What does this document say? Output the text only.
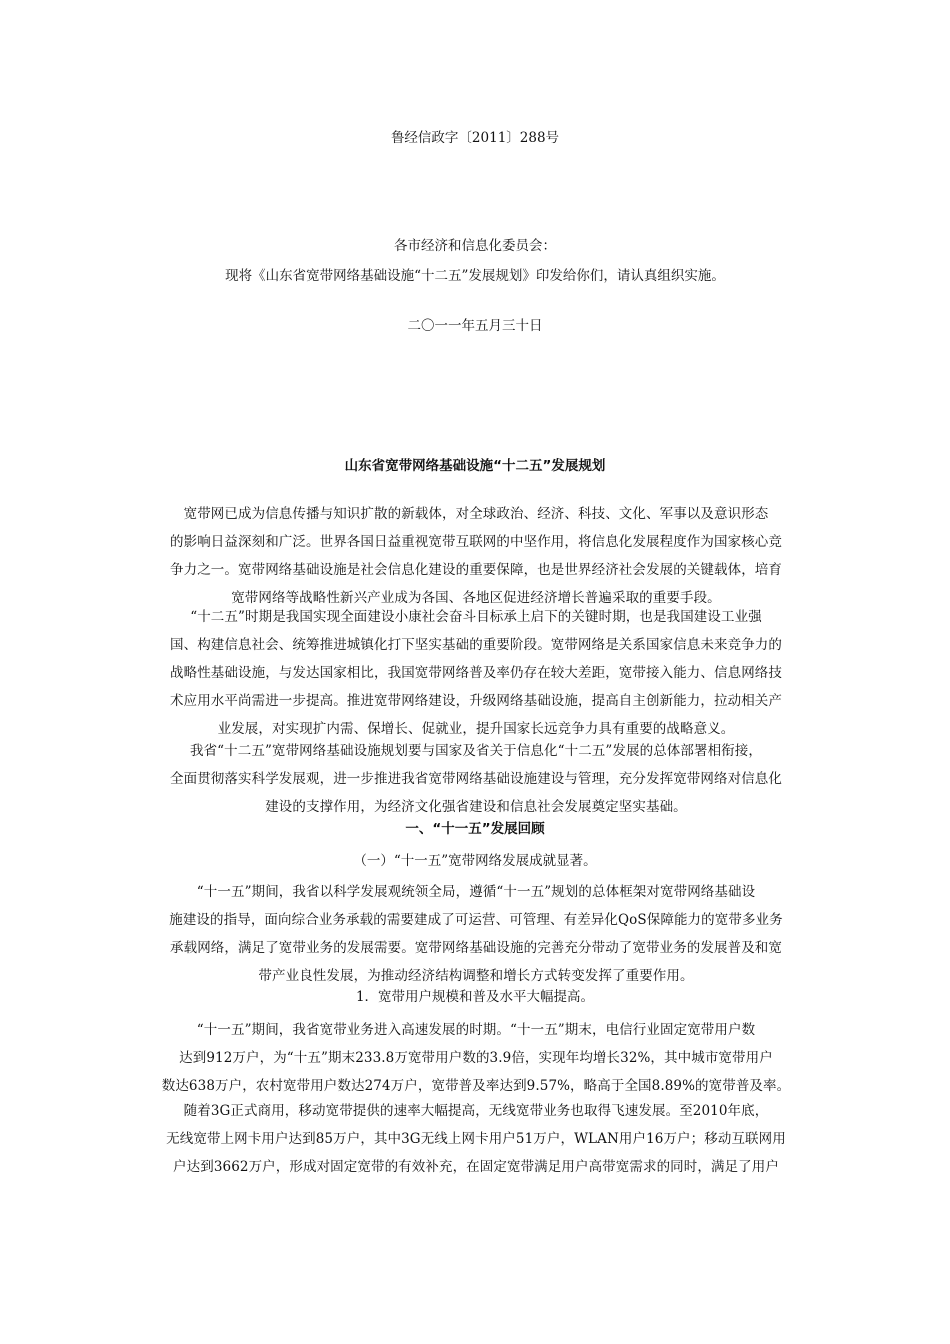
鲁经信政字〔2011〕288号
各市经济和信息化委员会：
现将《山东省宽带网络基础设施“十二五”发展规划》印发给你们，请认真组织实施。
二〇一一年五月三十日
山东省宽带网络基础设施“十二五”发展规划
宽带网已成为信息传播与知识扩散的新载体，对全球政治、经济、科技、文化、军事以及意识形态
的影响日益深刻和广泛。世界各国日益重视宽带互联网的中坚作用，将信息化发展程度作为国家核心竞
争力之一。宽带网络基础设施是社会信息化建设的重要保障，也是世界经济社会发展的关键载体，培育
宽带网络等战略性新兴产业成为各国、各地区促进经济增长普遍采取的重要手段。
“十二五”时期是我国实现全面建设小康社会奋斗目标承上启下的关键时期，也是我国建设工业强
国、构建信息社会、统筹推进城镇化打下坚实基础的重要阶段。宽带网络是关系国家信息未来竞争力的
战略性基础设施，与发达国家相比，我国宽带网络普及率仍存在较大差距，宽带接入能力、信息网络技
术应用水平尚需进一步提高。推进宽带网络建设，升级网络基础设施，提高自主创新能力，拉动相关产
业发展，对实现扩内需、保增长、促就业，提升国家长远竞争力具有重要的战略意义。
我省“十二五”宽带网络基础设施规划要与国家及省关于信息化“十二五”发展的总体部署相衔接，
全面贯彻落实科学发展观，进一步推进我省宽带网络基础设施建设与管理，充分发挥宽带网络对信息化
建设的支撑作用，为经济文化强省建设和信息社会发展奠定坚实基础。
一、“十一五”发展回顾
（一）“十一五”宽带网络发展成就显著。
“十一五”期间，我省以科学发展观统领全局，遵循“十一五”规划的总体框架对宽带网络基础设
施建设的指导，面向综合业务承载的需要建成了可运营、可管理、有差异化QoS保障能力的宽带多业务
承载网络，满足了宽带业务的发展需要。宽带网络基础设施的完善充分带动了宽带业务的发展普及和宽
带产业良性发展，为推动经济结构调整和增长方式转变发挥了重要作用。
1．宽带用户规模和普及水平大幅提高。
“十一五”期间，我省宽带业务进入高速发展的时期。“十一五”期末，电信行业固定宽带用户数
达到912万户，为“十五”期末233.8万宽带用户数的3.9倍，实现年均增长32%，其中城市宽带用户
数达638万户，农村宽带用户数达274万户，宽带普及率达到9.57%，略高于全国8.89%的宽带普及率。
随着3G正式商用，移动宽带提供的速率大幅提高，无线宽带业务也取得飞速发展。至2010年底，
无线宽带上网卡用户达到85万户，其中3G无线上网卡用户51万户，WLAN用户16万户；移动互联网用
户达到3662万户，形成对固定宽带的有效补充，在固定宽带满足用户高带宽需求的同时，满足了用户
